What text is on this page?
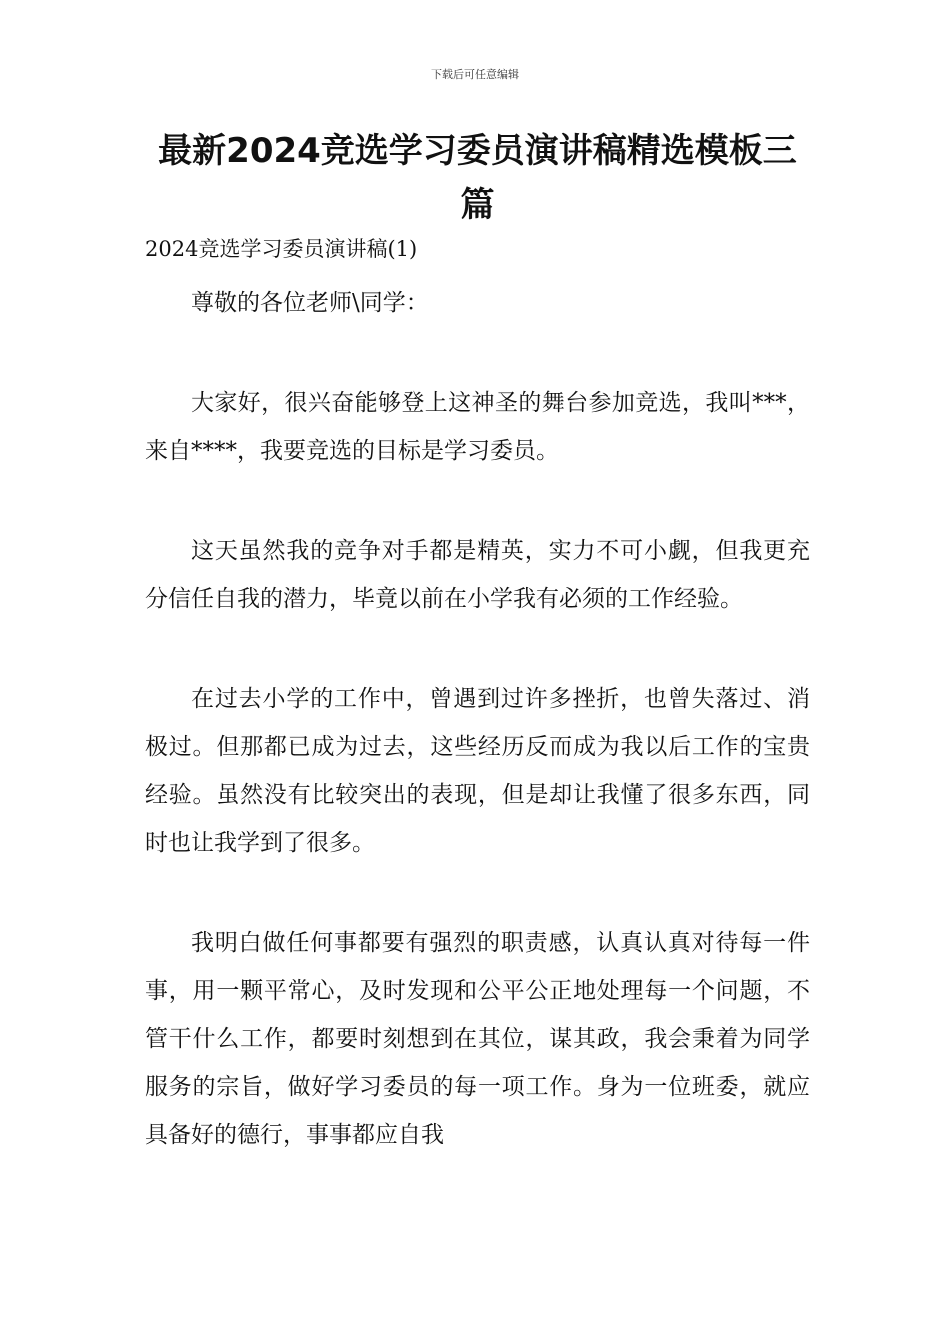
下载后可任意编辑
最新2024竞选学习委员演讲稿精选模板三篇
2024竞选学习委员演讲稿(1)

尊敬的各位老师\同学：

大家好，很兴奋能够登上这神圣的舞台参加竞选，我叫***，来自****，我要竞选的目标是学习委员。

这天虽然我的竞争对手都是精英，实力不可小觑，但我更充分信任自我的潜力，毕竟以前在小学我有必须的工作经验。

在过去小学的工作中，曾遇到过许多挫折，也曾失落过、消极过。但那都已成为过去，这些经历反而成为我以后工作的宝贵经验。虽然没有比较突出的表现，但是却让我懂了很多东西，同时也让我学到了很多。

我明白做任何事都要有强烈的职责感，认真认真对待每一件事，用一颗平常心，及时发现和公平公正地处理每一个问题，不管干什么工作，都要时刻想到在其位，谋其政，我会秉着为同学服务的宗旨，做好学习委员的每一项工作。身为一位班委，就应具备好的德行，事事都应自我
